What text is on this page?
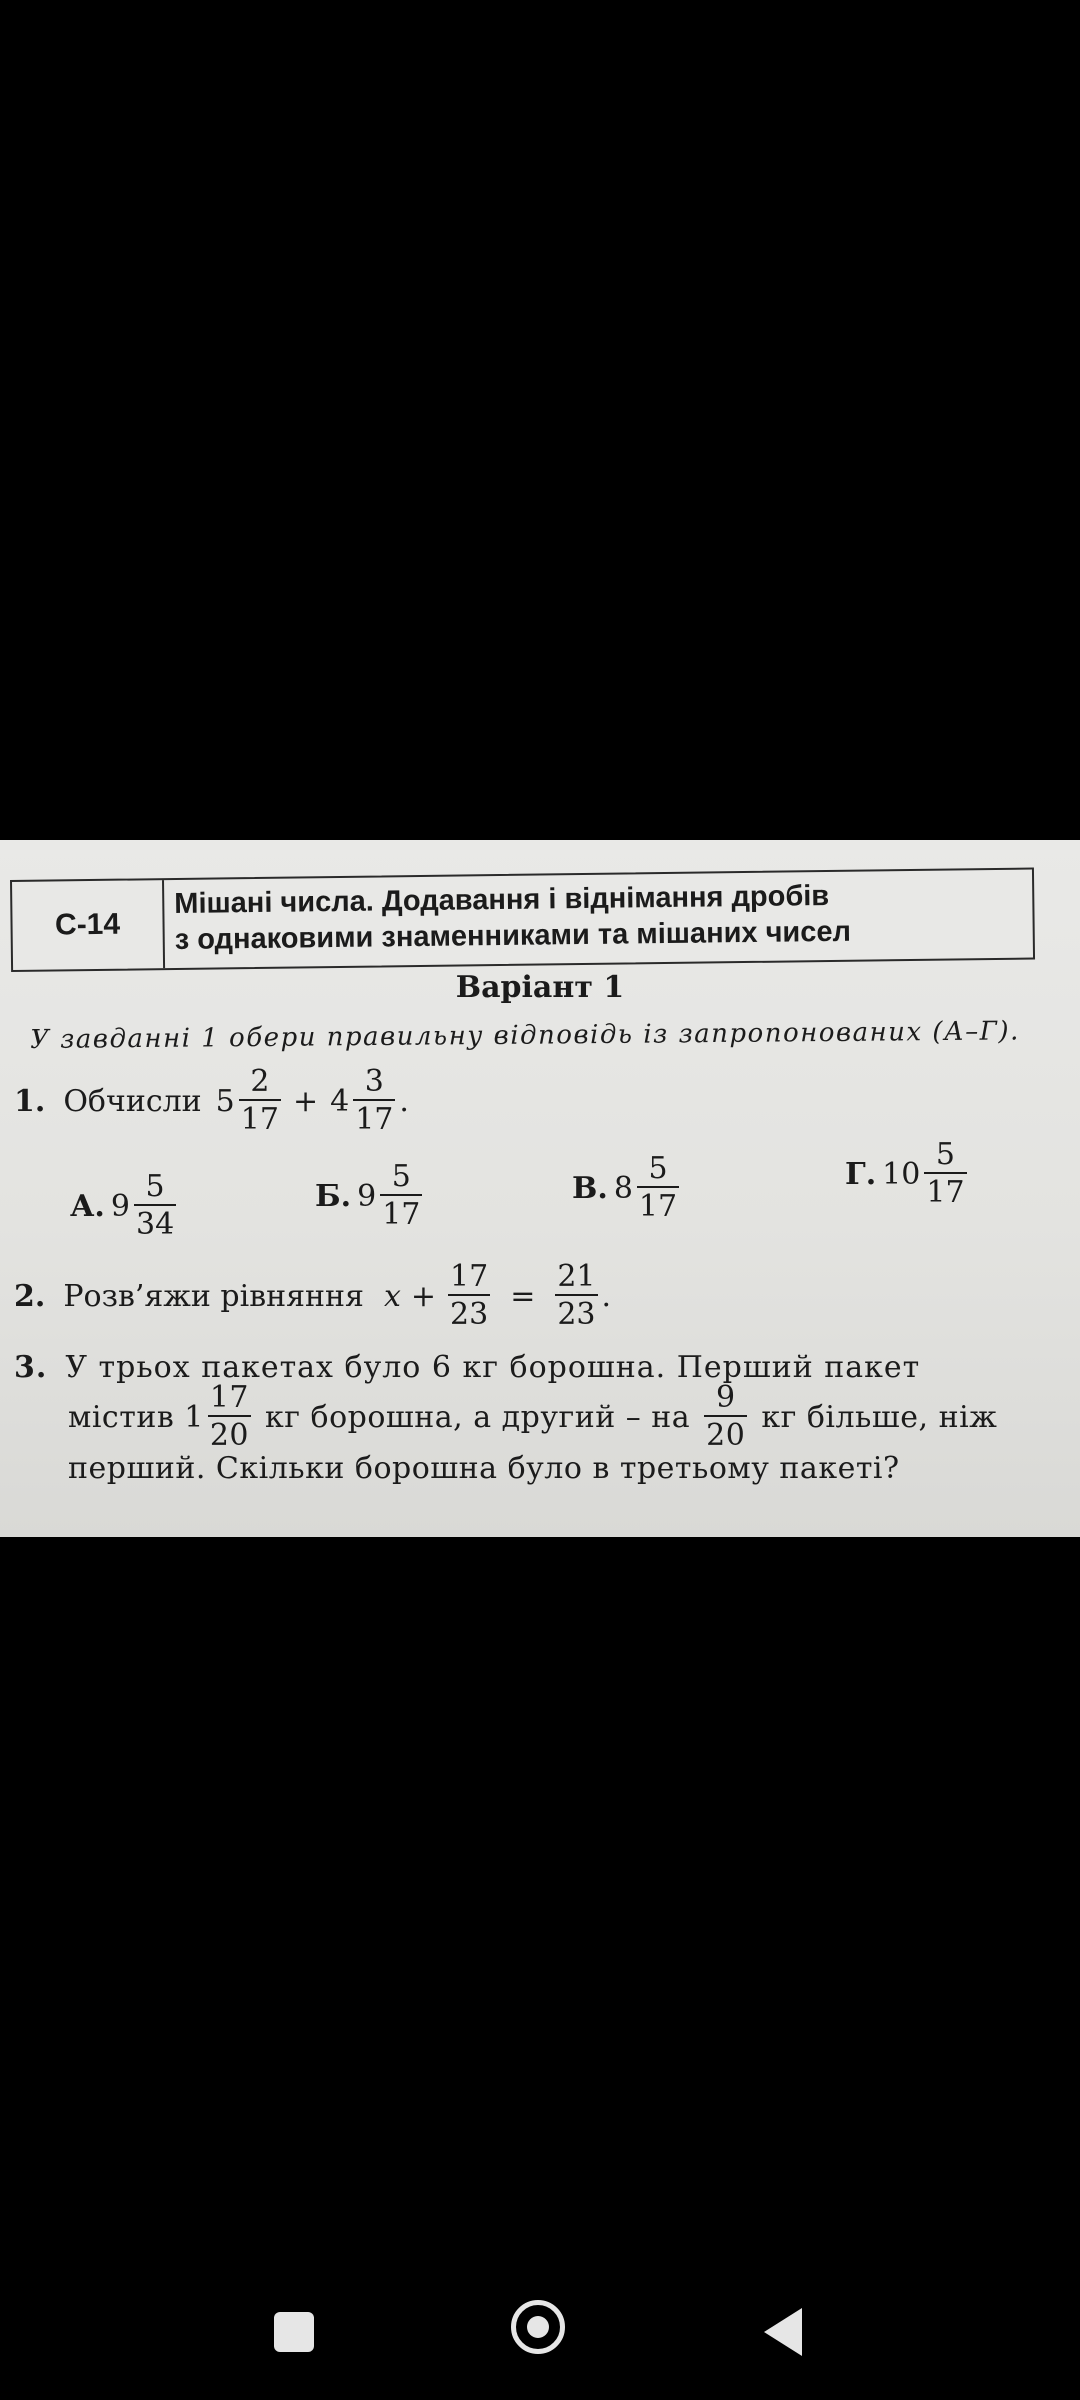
С-14
Мішані числа. Додавання і віднімання дробів
з однаковими знаменниками та мішаних чисел
Варіант 1
У завданні 1 обери правильну відповідь із запропонованих (А–Г).
1. Обчисли $5 \frac{2}{17} + 4 \frac{3}{17}$ .
А. $9 \frac{5}{34}$	Б. $9 \frac{5}{17}$	В. $8 \frac{5}{17}$	Г. $10 \frac{5}{17}$
2. Розв’яжи рівняння $x + \frac{17}{23} = \frac{21}{23}$ .
3. У трьох пакетах було 6 кг борошна. Перший пакет
містив $1 \frac{17}{20}$ кг борошна, а другий – на $\frac{9}{20}$ кг більше, ніж
перший. Скільки борошна було в третьому пакеті?
